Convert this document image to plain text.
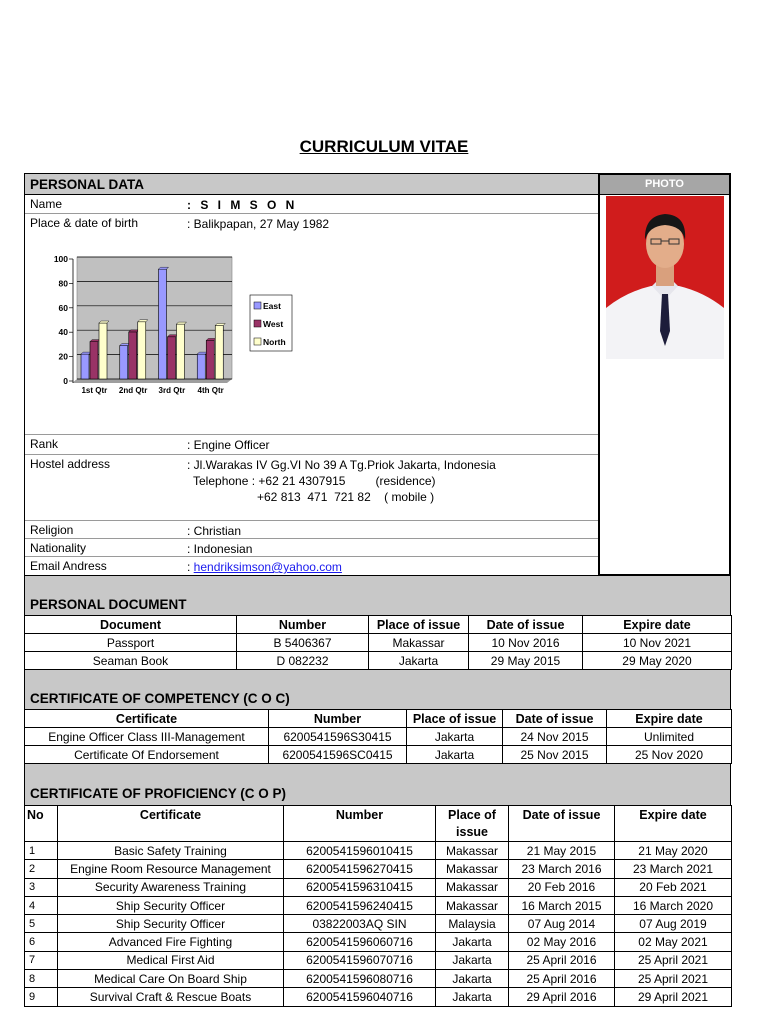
CURRICULUM VITAE
PERSONAL DATA
Name	: S I M S O N
Place & date of birth	: Balikpapan, 27 May 1982
Rank	: Engine Officer
Hostel address	: Jl.Warakas IV Gg.VI No 39 A Tg.Priok Jakarta, Indonesia
Telephone : +62 21 4307915         (residence)
+62 813  471  721 82    ( mobile )
Religion	: Christian
Nationality	: Indonesian
Email Andress	: hendriksimson@yahoo.com
PHOTO
0
20
40
60
80
100
1st Qtr 2nd Qtr 3rd Qtr 4th Qtr
East
West
North
PERSONAL DOCUMENT
Document	Number	Place of issue	Date of issue	Expire date
Passport	B 5406367	Makassar	10 Nov 2016	10 Nov 2021
Seaman Book	D 082232	Jakarta	29 May 2015	29 May 2020
CERTIFICATE OF COMPETENCY (C O C)
Certificate	Number	Place of issue	Date of issue	Expire date
Engine Officer Class III-Management	6200541596S30415	Jakarta	24 Nov 2015	Unlimited
Certificate Of Endorsement	6200541596SC0415	Jakarta	25 Nov 2015	25 Nov 2020
CERTIFICATE OF PROFICIENCY (C O P)
No	Certificate	Number	Place of issue	Date of issue	Expire date
1	Basic Safety Training	6200541596010415	Makassar	21 May 2015	21 May 2020
2	Engine Room Resource Management	6200541596270415	Makassar	23 March 2016	23 March 2021
3	Security Awareness Training	6200541596310415	Makassar	20 Feb 2016	20 Feb 2021
4	Ship Security Officer	6200541596240415	Makassar	16 March 2015	16 March 2020
5	Ship Security Officer	03822003AQ SIN	Malaysia	07 Aug 2014	07 Aug 2019
6	Advanced Fire Fighting	6200541596060716	Jakarta	02 May 2016	02 May 2021
7	Medical First Aid	6200541596070716	Jakarta	25 April 2016	25 April 2021
8	Medical Care On Board Ship	6200541596080716	Jakarta	25 April 2016	25 April 2021
9	Survival Craft & Rescue Boats	6200541596040716	Jakarta	29 April 2016	29 April 2021
